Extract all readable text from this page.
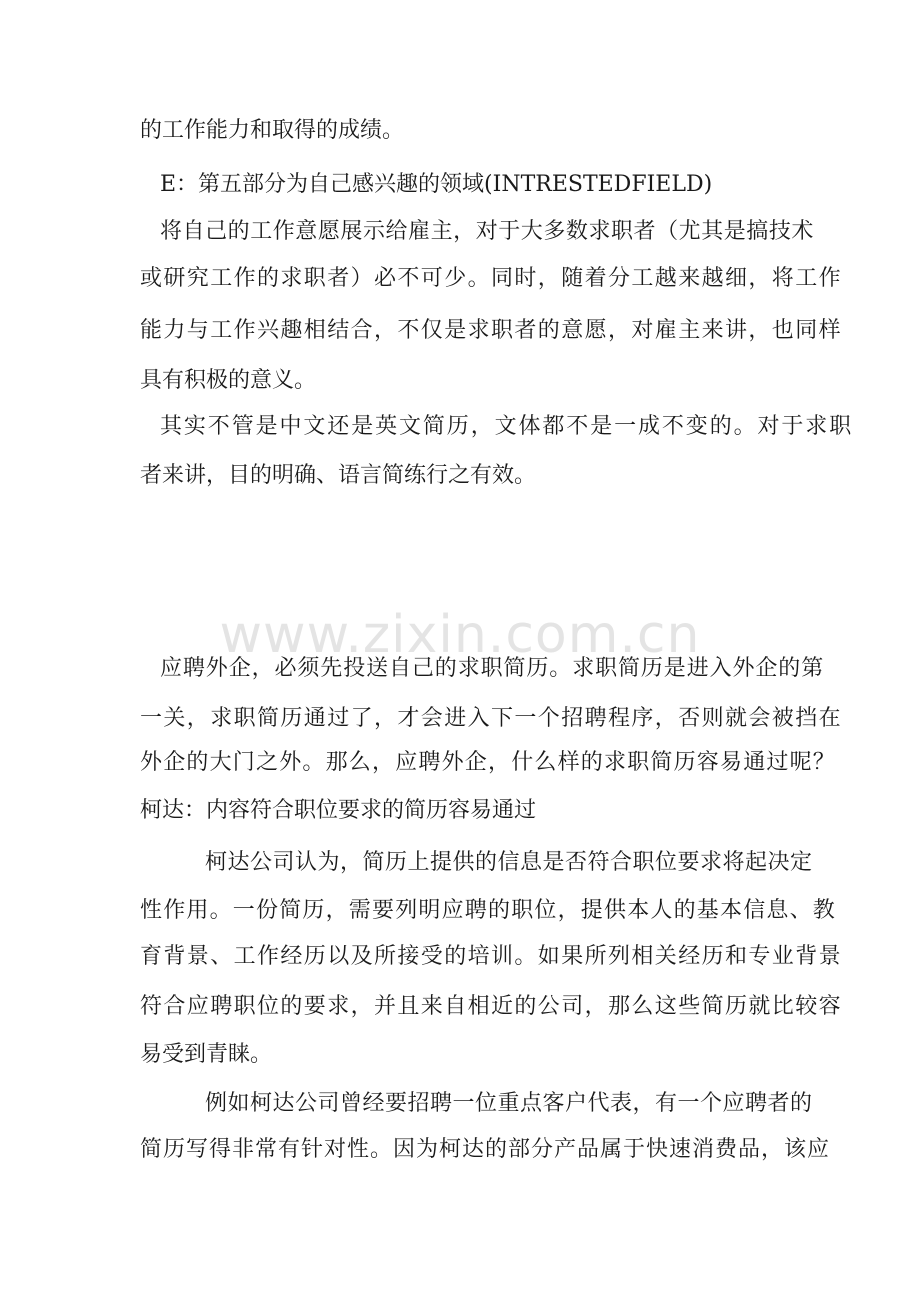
www.zixin.com.cn
的工作能力和取得的成绩。
E：第五部分为自己感兴趣的领域(INTRESTEDFIELD)
将自己的工作意愿展示给雇主，对于大多数求职者（尤其是搞技术
或研究工作的求职者）必不可少。同时，随着分工越来越细，将工作
能力与工作兴趣相结合，不仅是求职者的意愿，对雇主来讲，也同样
具有积极的意义。
其实不管是中文还是英文简历，文体都不是一成不变的。对于求职
者来讲，目的明确、语言简练行之有效。
应聘外企，必须先投送自己的求职简历。求职简历是进入外企的第
一关，求职简历通过了，才会进入下一个招聘程序，否则就会被挡在
外企的大门之外。那么，应聘外企，什么样的求职简历容易通过呢？
柯达：内容符合职位要求的简历容易通过
柯达公司认为，简历上提供的信息是否符合职位要求将起决定
性作用。一份简历，需要列明应聘的职位，提供本人的基本信息、教
育背景、工作经历以及所接受的培训。如果所列相关经历和专业背景
符合应聘职位的要求，并且来自相近的公司，那么这些简历就比较容
易受到青睐。
例如柯达公司曾经要招聘一位重点客户代表，有一个应聘者的
简历写得非常有针对性。因为柯达的部分产品属于快速消费品，该应
